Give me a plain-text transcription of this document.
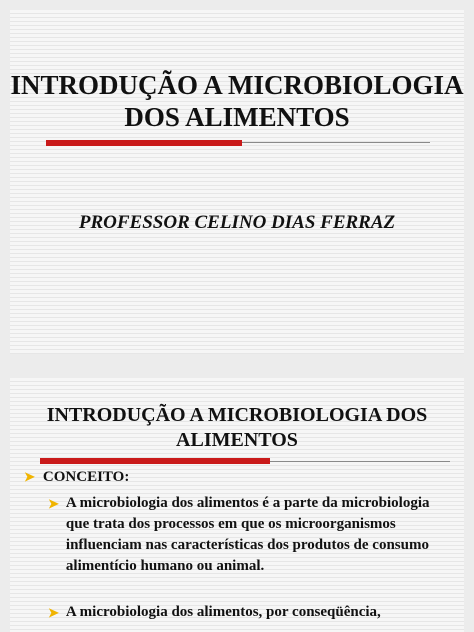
INTRODUÇÃO A MICROBIOLOGIA
DOS ALIMENTOS
PROFESSOR CELINO DIAS FERRAZ
INTRODUÇÃO A MICROBIOLOGIA DOS
ALIMENTOS
➤ CONCEITO:
➤ A microbiologia dos alimentos é a parte da microbiologia que trata dos processos em que os microorganismos influenciam nas características dos produtos de consumo alimentício humano ou animal.
➤ A microbiologia dos alimentos, por conseqüência,
